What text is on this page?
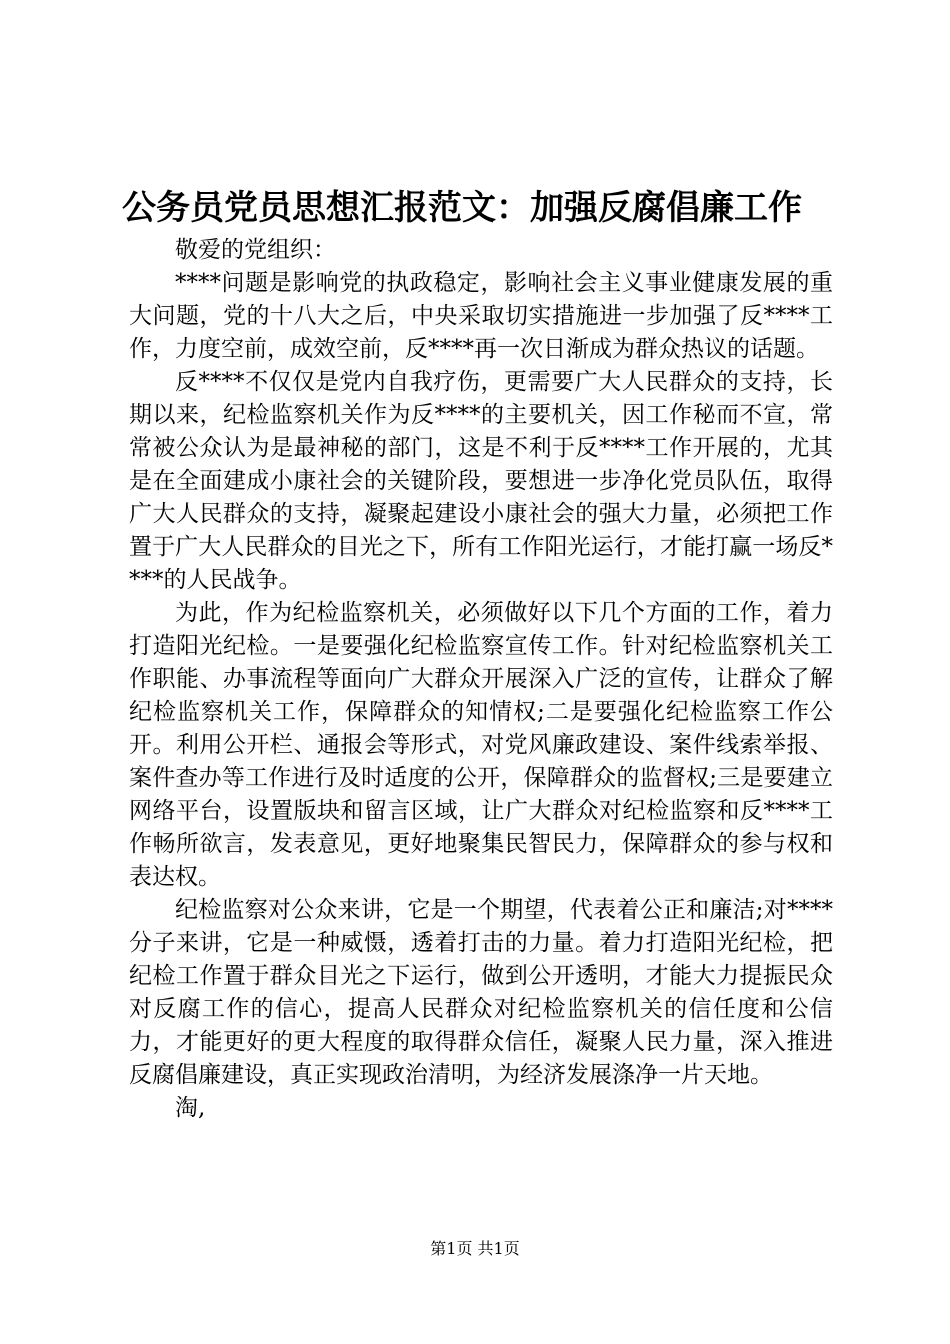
公务员党员思想汇报范文：加强反腐倡廉工作

敬爱的党组织：

****问题是影响党的执政稳定，影响社会主义事业健康发展的重大问题，党的十八大之后，中央采取切实措施进一步加强了反****工作，力度空前，成效空前，反****再一次日渐成为群众热议的话题。

反****不仅仅是党内自我疗伤，更需要广大人民群众的支持，长期以来，纪检监察机关作为反****的主要机关，因工作秘而不宣，常常被公众认为是最神秘的部门，这是不利于反****工作开展的，尤其是在全面建成小康社会的关键阶段，要想进一步净化党员队伍，取得广大人民群众的支持，凝聚起建设小康社会的强大力量，必须把工作置于广大人民群众的目光之下，所有工作阳光运行，才能打赢一场反****的人民战争。

为此，作为纪检监察机关，必须做好以下几个方面的工作，着力打造阳光纪检。一是要强化纪检监察宣传工作。针对纪检监察机关工作职能、办事流程等面向广大群众开展深入广泛的宣传，让群众了解纪检监察机关工作，保障群众的知情权;二是要强化纪检监察工作公开。利用公开栏、通报会等形式，对党风廉政建设、案件线索举报、案件查办等工作进行及时适度的公开，保障群众的监督权;三是要建立网络平台，设置版块和留言区域，让广大群众对纪检监察和反****工作畅所欲言，发表意见，更好地聚集民智民力，保障群众的参与权和表达权。

纪检监察对公众来讲，它是一个期望，代表着公正和廉洁;对****分子来讲，它是一种威慑，透着打击的力量。着力打造阳光纪检，把纪检工作置于群众目光之下运行，做到公开透明，才能大力提振民众对反腐工作的信心，提高人民群众对纪检监察机关的信任度和公信力，才能更好的更大程度的取得群众信任，凝聚人民力量，深入推进反腐倡廉建设，真正实现政治清明，为经济发展涤净一片天地。

淘,

第1页 共1页
